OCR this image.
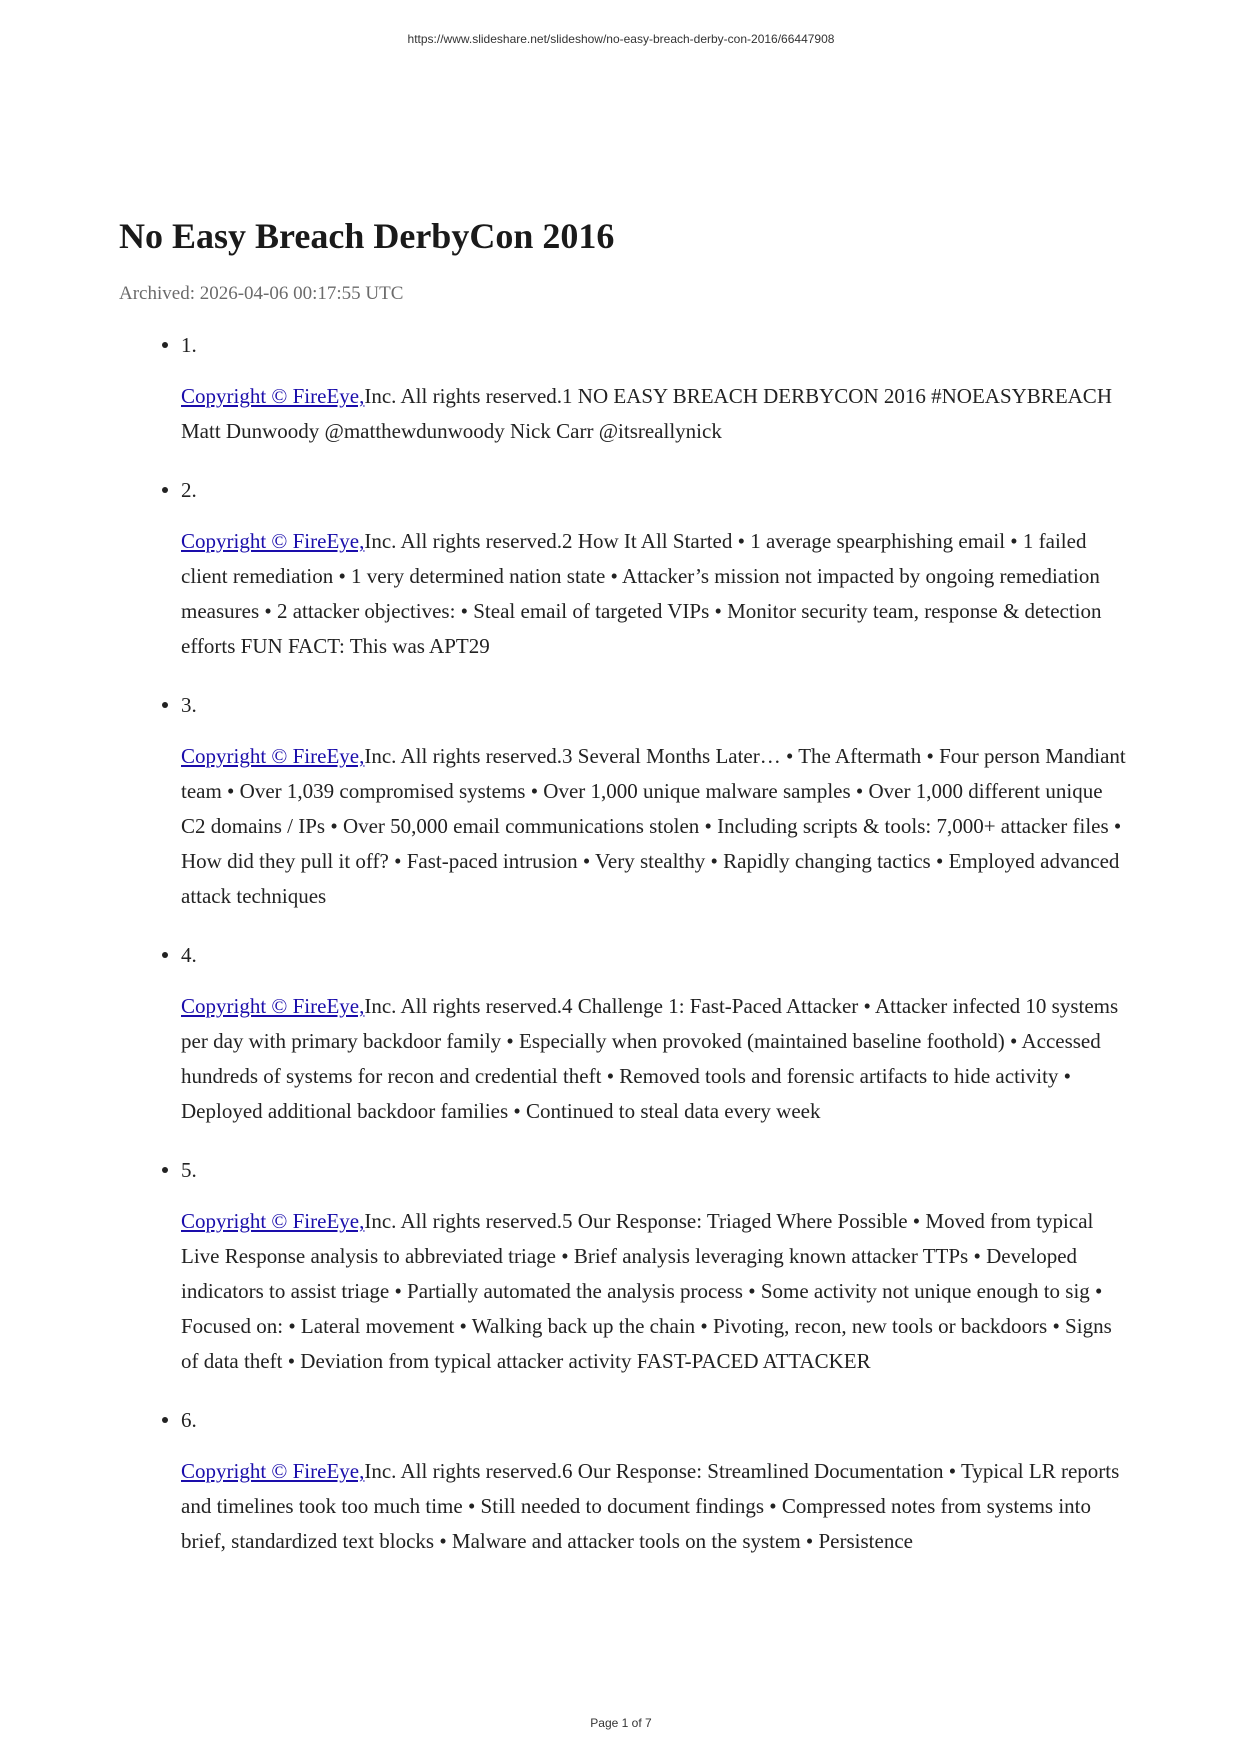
https://www.slideshare.net/slideshow/no-easy-breach-derby-con-2016/66447908
No Easy Breach DerbyCon 2016
Archived: 2026-04-06 00:17:55 UTC
1.
Copyright © FireEye,Inc. All rights reserved.1 NO EASY BREACH DERBYCON 2016 #NOEASYBREACH Matt Dunwoody @matthewdunwoody Nick Carr @itsreallynick
2.
Copyright © FireEye,Inc. All rights reserved.2 How It All Started • 1 average spearphishing email • 1 failed client remediation • 1 very determined nation state • Attacker’s mission not impacted by ongoing remediation measures • 2 attacker objectives: • Steal email of targeted VIPs • Monitor security team, response & detection efforts FUN FACT: This was APT29
3.
Copyright © FireEye,Inc. All rights reserved.3 Several Months Later… • The Aftermath • Four person Mandiant team • Over 1,039 compromised systems • Over 1,000 unique malware samples • Over 1,000 different unique C2 domains / IPs • Over 50,000 email communications stolen • Including scripts & tools: 7,000+ attacker files • How did they pull it off? • Fast-paced intrusion • Very stealthy • Rapidly changing tactics • Employed advanced attack techniques
4.
Copyright © FireEye,Inc. All rights reserved.4 Challenge 1: Fast-Paced Attacker • Attacker infected 10 systems per day with primary backdoor family • Especially when provoked (maintained baseline foothold) • Accessed hundreds of systems for recon and credential theft • Removed tools and forensic artifacts to hide activity • Deployed additional backdoor families • Continued to steal data every week
5.
Copyright © FireEye,Inc. All rights reserved.5 Our Response: Triaged Where Possible • Moved from typical Live Response analysis to abbreviated triage • Brief analysis leveraging known attacker TTPs • Developed indicators to assist triage • Partially automated the analysis process • Some activity not unique enough to sig • Focused on: • Lateral movement • Walking back up the chain • Pivoting, recon, new tools or backdoors • Signs of data theft • Deviation from typical attacker activity FAST-PACED ATTACKER
6.
Copyright © FireEye,Inc. All rights reserved.6 Our Response: Streamlined Documentation • Typical LR reports and timelines took too much time • Still needed to document findings • Compressed notes from systems into brief, standardized text blocks • Malware and attacker tools on the system • Persistence
Page 1 of 7
